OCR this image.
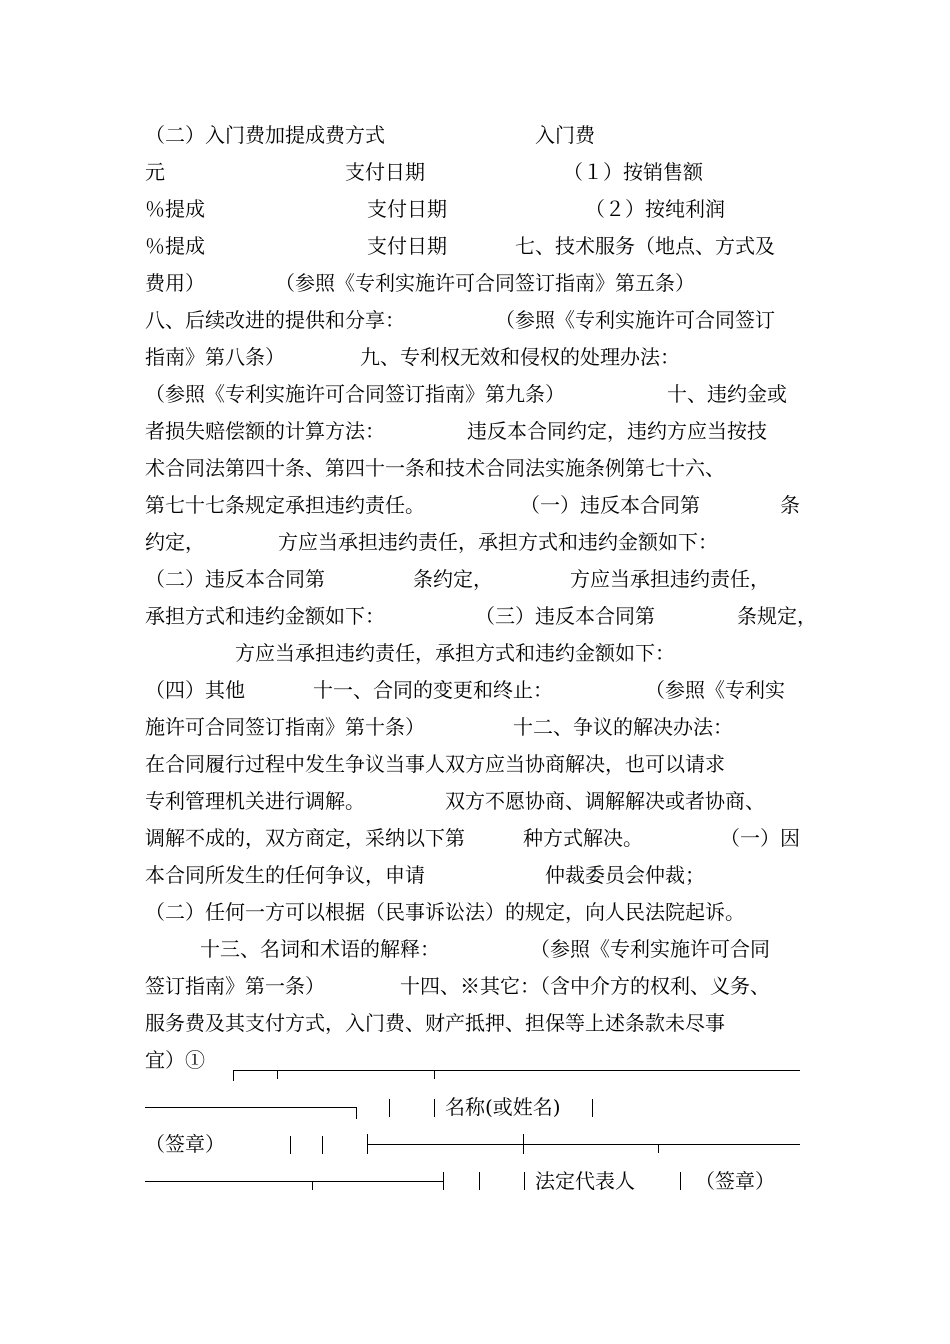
（二）入门费加提成费方式

	入门费

元

	支付日期

	（１）按销售额

％提成

	支付日期

	（２）按纯利润

％提成

	支付日期

	七、技术服务（地点、方式及

费用）

	（参照《专利实施许可合同签订指南》第五条）

八、后续改进的提供和分享：

	（参照《专利实施许可合同签订

指南》第八条）

	九、专利权无效和侵权的处理办法：

（参照《专利实施许可合同签订指南》第九条）

	十、违约金或

者损失赔偿额的计算方法：

	违反本合同约定，违约方应当按技

术合同法第四十条、第四十一条和技术合同法实施条例第七十六、

第七十七条规定承担违约责任。

	（一）违反本合同第

	条

约定，

	方应当承担违约责任，承担方式和违约金额如下：

（二）违反本合同第

	条约定，

	方应当承担违约责任，

承担方式和违约金额如下：

	（三）违反本合同第

	条规定，

方应当承担违约责任，承担方式和违约金额如下：

（四）其他

	十一、合同的变更和终止：

	（参照《专利实

施许可合同签订指南》第十条）

	十二、争议的解决办法：

在合同履行过程中发生争议当事人双方应当协商解决，也可以请求

专利管理机关进行调解。

	双方不愿协商、调解解决或者协商、

调解不成的，双方商定，采纳以下第

	种方式解决。

	（一）因

本合同所发生的任何争议，申请

	仲裁委员会仲裁；

（二）任何一方可以根据（民事诉讼法）的规定，向人民法院起诉。

十三、名词和术语的解释：

	（参照《专利实施许可合同

签订指南》第一条）

	十四、※其它：（含中介方的权利、义务、

服务费及其支付方式，入门费、财产抵押、担保等上述条款未尽事

宜）①

名称(或姓名)

（签章）

法定代表人

	（签章）
